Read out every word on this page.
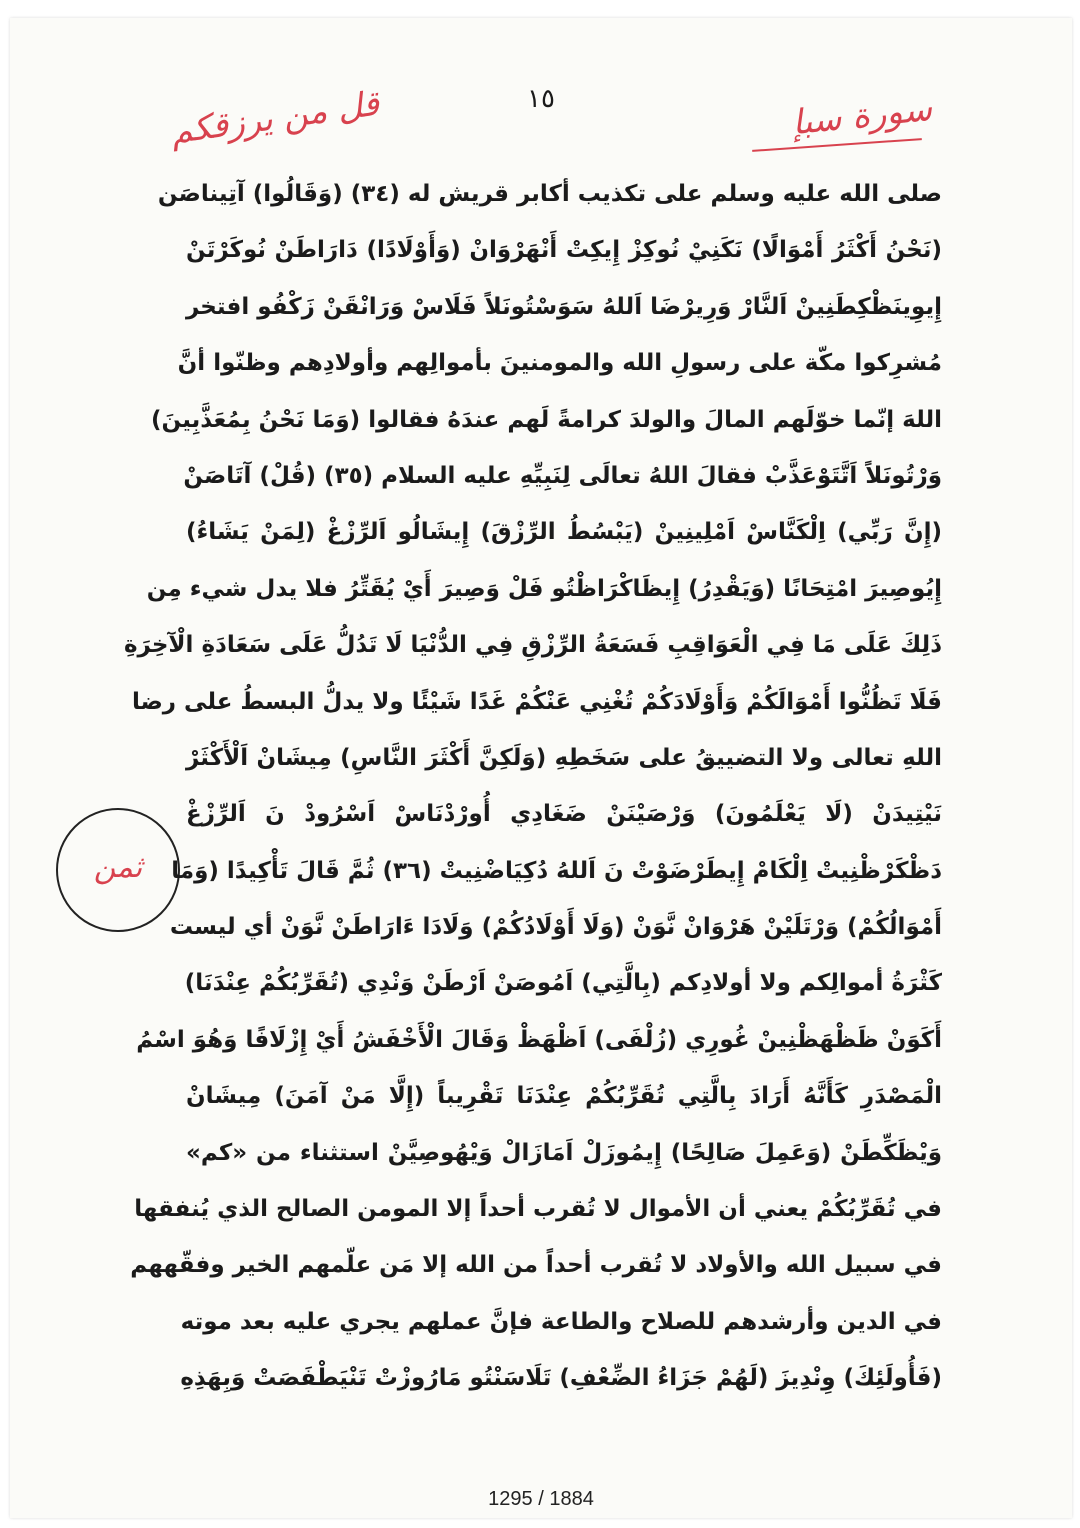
١٥	سورة سبإ
قل من يرزقكم
ثمن
صلى الله عليه وسلم على تكذيب أكابر قريش له (٣٤) (وَقَالُوا) آتِيناصَن
(نَحْنُ أَكْثَرُ أَمْوَالًا) نَكَنِيْ نُوكِزْ إِيكِتْ أَنْهَرْوَانْ (وَأَوْلَادًا) دَارَاطَنْ نُوكَرْتَنْ
إِيوِينَظْكِطَنِينْ اَلنَّارْ وَرِيرْضَا اَللهُ سَوَسْتُونَلاً فَلَاسْ وَرَانْقَنْ زَكْفُو افتخر
مُشرِكوا مكّة على رسولِ الله والمومنينَ بأموالِهم وأولادِهم وظنّوا أنَّ
اللهَ إنّما خوّلَهم المالَ والولدَ كرامةً لَهم عندَهُ فقالوا (وَمَا نَحْنُ بِمُعَذَّبِينَ)
وَرْتُونَلاً اَتَّتَوْعَذَّبْ فقالَ اللهُ تعالَى لِنَبِيِّهِ عليه السلام (٣٥) (قُلْ) آتَاصَنْ
(إِنَّ رَبِّي) اِلْكَنَّاسْ اَمْلِينِينْ (يَبْسُطُ الرِّزْقَ) إِيشَالُو اَلرِّزْغْ (لِمَنْ يَشَاءُ)
إِيُوصِيرَ امْتِحَانًا (وَيَقْدِرُ) إِيظَاكْرَاظْتُو فَلْ وَصِيرَ أَيْ يُقَتِّرُ فلا يدل شيء مِن
ذَلِكَ عَلَى مَا فِي الْعَوَاقِبِ فَسَعَةُ الرِّزْقِ فِي الدُّنْيَا لَا تَدُلُّ عَلَى سَعَادَةِ الْآخِرَةِ
فَلَا تَظُنُّوا أَمْوَالَكُمْ وَأَوْلَادَكُمْ تُغْنِي عَنْكُمْ غَدًا شَيْئًا ولا يدلُّ البسطُ على رضا
اللهِ تعالى ولا التضييقُ على سَخَطِهِ (وَلَكِنَّ أَكْثَرَ النَّاسِ) مِيشَانْ اَلْأَكْثَرْ
نَيْتِيدَنْ (لَا يَعْلَمُونَ) وَرْصَيْنَنْ ضَغَادِي أُورْدْنَاسْ اَسْرُودْ نَ اَلرِّزْغْ
دَظْكَرْظْنِيتْ اِلْكَامْ إِيطَرْضَوْتْ نَ اَللهُ دُكِيَاضْنِيتْ (٣٦) ثُمَّ قَالَ تَأْكِيدًا (وَمَا
أَمْوَالُكُمْ) وَرْتَلَيْنْ هَرْوَانْ نَّوَنْ (وَلَا أَوْلَادُكُمْ) وَلَادَا ءَارَاطَنْ نَّوَنْ أي ليست
كَثْرَةُ أموالِكم ولا أولادِكم (بِالَّتِي) اَمُوصَنْ اَرْطَنْ وَنْدِي (تُقَرِّبُكُمْ عِنْدَنَا)
أَكَوَنْ ظَظْهَظْنِينْ غُورِي (زُلْفَى) اَظْهَظْ وَقَالَ الْأَخْفَشُ أَيْ إِزْلَافًا وَهُوَ اسْمُ
الْمَصْدَرِ كَأَنَّهُ أَرَادَ بِالَّتِي تُقَرِّبُكُمْ عِنْدَنَا تَقْرِيباً (إِلَّا مَنْ آمَنَ) مِيشَانْ
وَيْظَكِّطَنْ (وَعَمِلَ صَالِحًا) إِيمُوزَلْ اَمَازَالْ وَيْهُوصِيَّنْ استثناء من «كم»
في تُقَرِّبُكُمْ يعني أن الأموال لا تُقرب أحداً إلا المومن الصالح الذي يُنفقها
في سبيل الله والأولاد لا تُقرب أحداً من الله إلا مَن علّمهم الخير وفقّههم
في الدين وأرشدهم للصلاح والطاعة فإنَّ عملهم يجري عليه بعد موته
(فَأُولَئِكَ) وِنْدِيزَ (لَهُمْ جَزَاءُ الضِّعْفِ) تَلَاسَنْتُو مَارُوزْتْ تَنْيَطْفَصَتْ وَبِهَذِهِ
1295 / 1884
